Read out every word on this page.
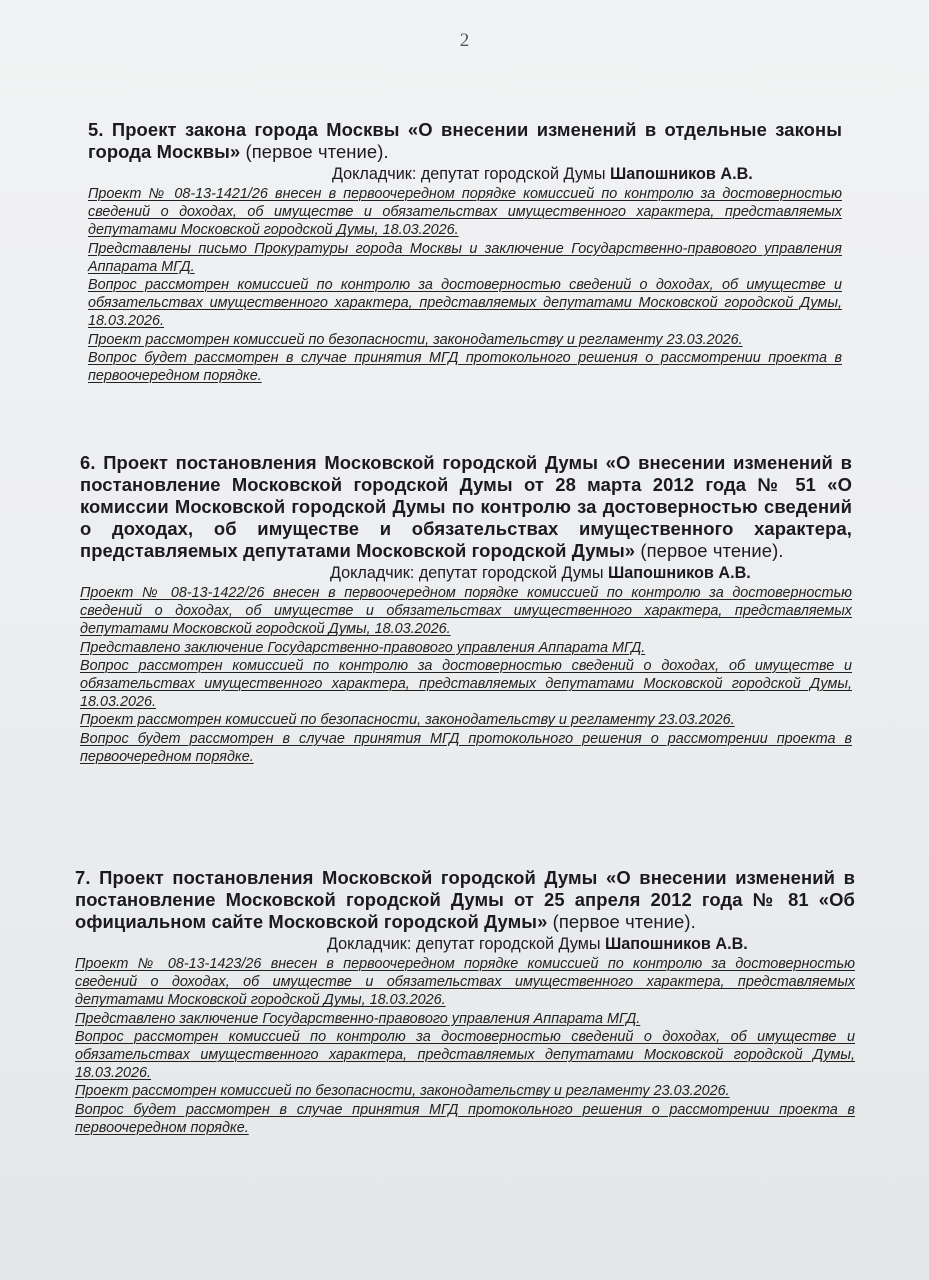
2

5. Проект закона города Москвы «О внесении изменений в отдельные законы города Москвы» (первое чтение).

Докладчик: депутат городской Думы Шапошников А.В.

Проект № 08-13-1421/26 внесен в первоочередном порядке комиссией по контролю за достоверностью сведений о доходах, об имуществе и обязательствах имущественного характера, представляемых депутатами Московской городской Думы, 18.03.2026.

Представлены письмо Прокуратуры города Москвы и заключение Государственно-правового управления Аппарата МГД.

Вопрос рассмотрен комиссией по контролю за достоверностью сведений о доходах, об имуществе и обязательствах имущественного характера, представляемых депутатами Московской городской Думы, 18.03.2026.

Проект рассмотрен комиссией по безопасности, законодательству и регламенту 23.03.2026.

Вопрос будет рассмотрен в случае принятия МГД протокольного решения о рассмотрении проекта в первоочередном порядке.

6. Проект постановления Московской городской Думы «О внесении изменений в постановление Московской городской Думы от 28 марта 2012 года № 51 «О комиссии Московской городской Думы по контролю за достоверностью сведений о доходах, об имуществе и обязательствах имущественного характера, представляемых депутатами Московской городской Думы» (первое чтение).

Докладчик: депутат городской Думы Шапошников А.В.

Проект № 08-13-1422/26 внесен в первоочередном порядке комиссией по контролю за достоверностью сведений о доходах, об имуществе и обязательствах имущественного характера, представляемых депутатами Московской городской Думы, 18.03.2026.

Представлено заключение Государственно-правового управления Аппарата МГД.

Вопрос рассмотрен комиссией по контролю за достоверностью сведений о доходах, об имуществе и обязательствах имущественного характера, представляемых депутатами Московской городской Думы, 18.03.2026.

Проект рассмотрен комиссией по безопасности, законодательству и регламенту 23.03.2026.

Вопрос будет рассмотрен в случае принятия МГД протокольного решения о рассмотрении проекта в первоочередном порядке.

7. Проект постановления Московской городской Думы «О внесении изменений в постановление Московской городской Думы от 25 апреля 2012 года № 81 «Об официальном сайте Московской городской Думы» (первое чтение).

Докладчик: депутат городской Думы Шапошников А.В.

Проект № 08-13-1423/26 внесен в первоочередном порядке комиссией по контролю за достоверностью сведений о доходах, об имуществе и обязательствах имущественного характера, представляемых депутатами Московской городской Думы, 18.03.2026.

Представлено заключение Государственно-правового управления Аппарата МГД.

Вопрос рассмотрен комиссией по контролю за достоверностью сведений о доходах, об имуществе и обязательствах имущественного характера, представляемых депутатами Московской городской Думы, 18.03.2026.

Проект рассмотрен комиссией по безопасности, законодательству и регламенту 23.03.2026.

Вопрос будет рассмотрен в случае принятия МГД протокольного решения о рассмотрении проекта в первоочередном порядке.
